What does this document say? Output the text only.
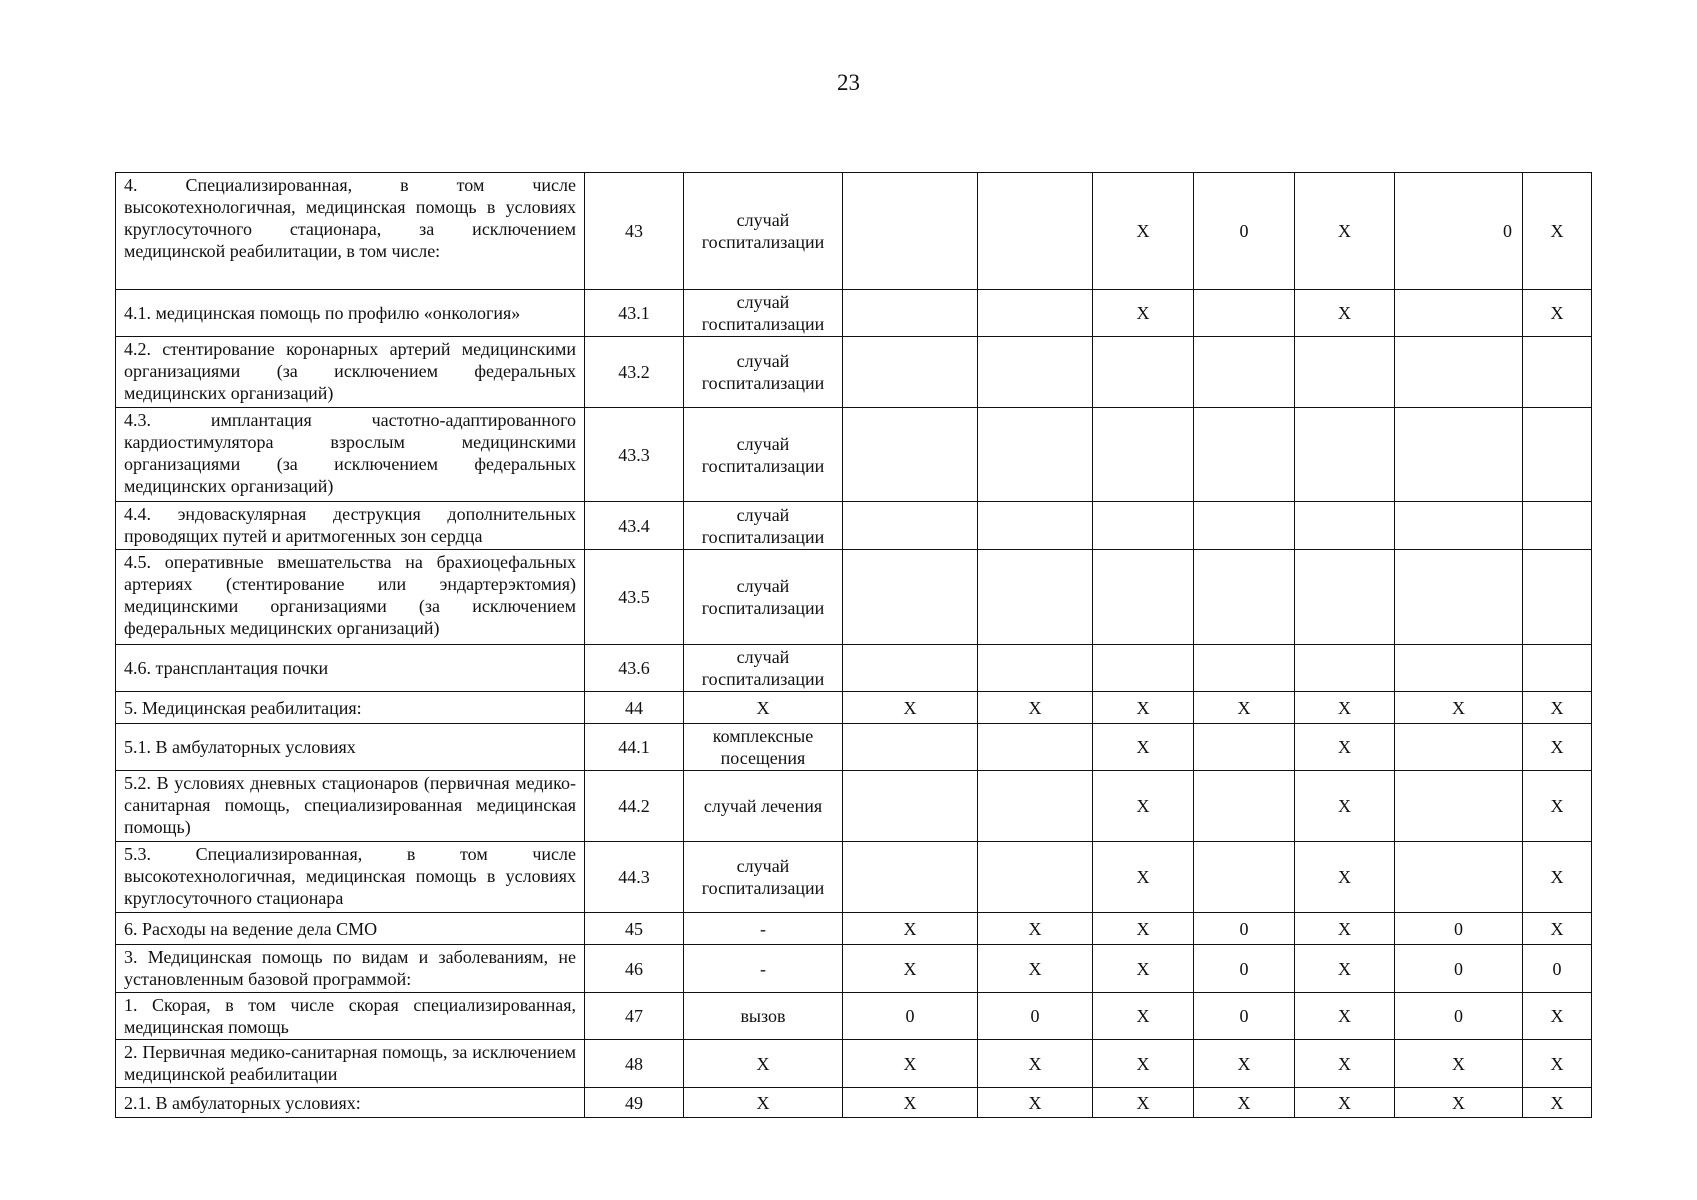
23
4. Специализированная, в том числе высокотехнологичная, медицинская помощь в условиях круглосуточного стационара, за исключением медицинской реабилитации, в том числе:	43	случай госпитализации			X	0	X	0	X
4.1. медицинская помощь по профилю «онкология»	43.1	случай госпитализации			X		X		X
4.2. стентирование коронарных артерий медицинскими организациями (за исключением федеральных медицинских организаций)	43.2	случай госпитализации							
4.3. имплантация частотно-адаптированного кардиостимулятора взрослым медицинскими организациями (за исключением федеральных медицинских организаций)	43.3	случай госпитализации							
4.4. эндоваскулярная деструкция дополнительных проводящих путей и аритмогенных зон сердца	43.4	случай госпитализации							
4.5. оперативные вмешательства на брахиоцефальных артериях (стентирование или эндартерэктомия) медицинскими организациями (за исключением федеральных медицинских организаций)	43.5	случай госпитализации							
4.6. трансплантация почки	43.6	случай госпитализации							
5. Медицинская реабилитация:	44	X	X	X	X	X	X	X	X
5.1. В амбулаторных условиях	44.1	комплексные посещения			X		X		X
5.2. В условиях дневных стационаров (первичная медико-санитарная помощь, специализированная медицинская помощь)	44.2	случай лечения			X		X		X
5.3. Специализированная, в том числе высокотехнологичная, медицинская помощь в условиях круглосуточного стационара	44.3	случай госпитализации			X		X		X
6. Расходы на ведение дела СМО	45	-	X	X	X	0	X	0	X
3. Медицинская помощь по видам и заболеваниям, не установленным базовой программой:	46	-	X	X	X	0	X	0	0
1. Скорая, в том числе скорая специализированная, медицинская помощь	47	вызов	0	0	X	0	X	0	X
2. Первичная медико-санитарная помощь, за исключением медицинской реабилитации	48	X	X	X	X	X	X	X	X
2.1. В амбулаторных условиях:	49	X	X	X	X	X	X	X	X
